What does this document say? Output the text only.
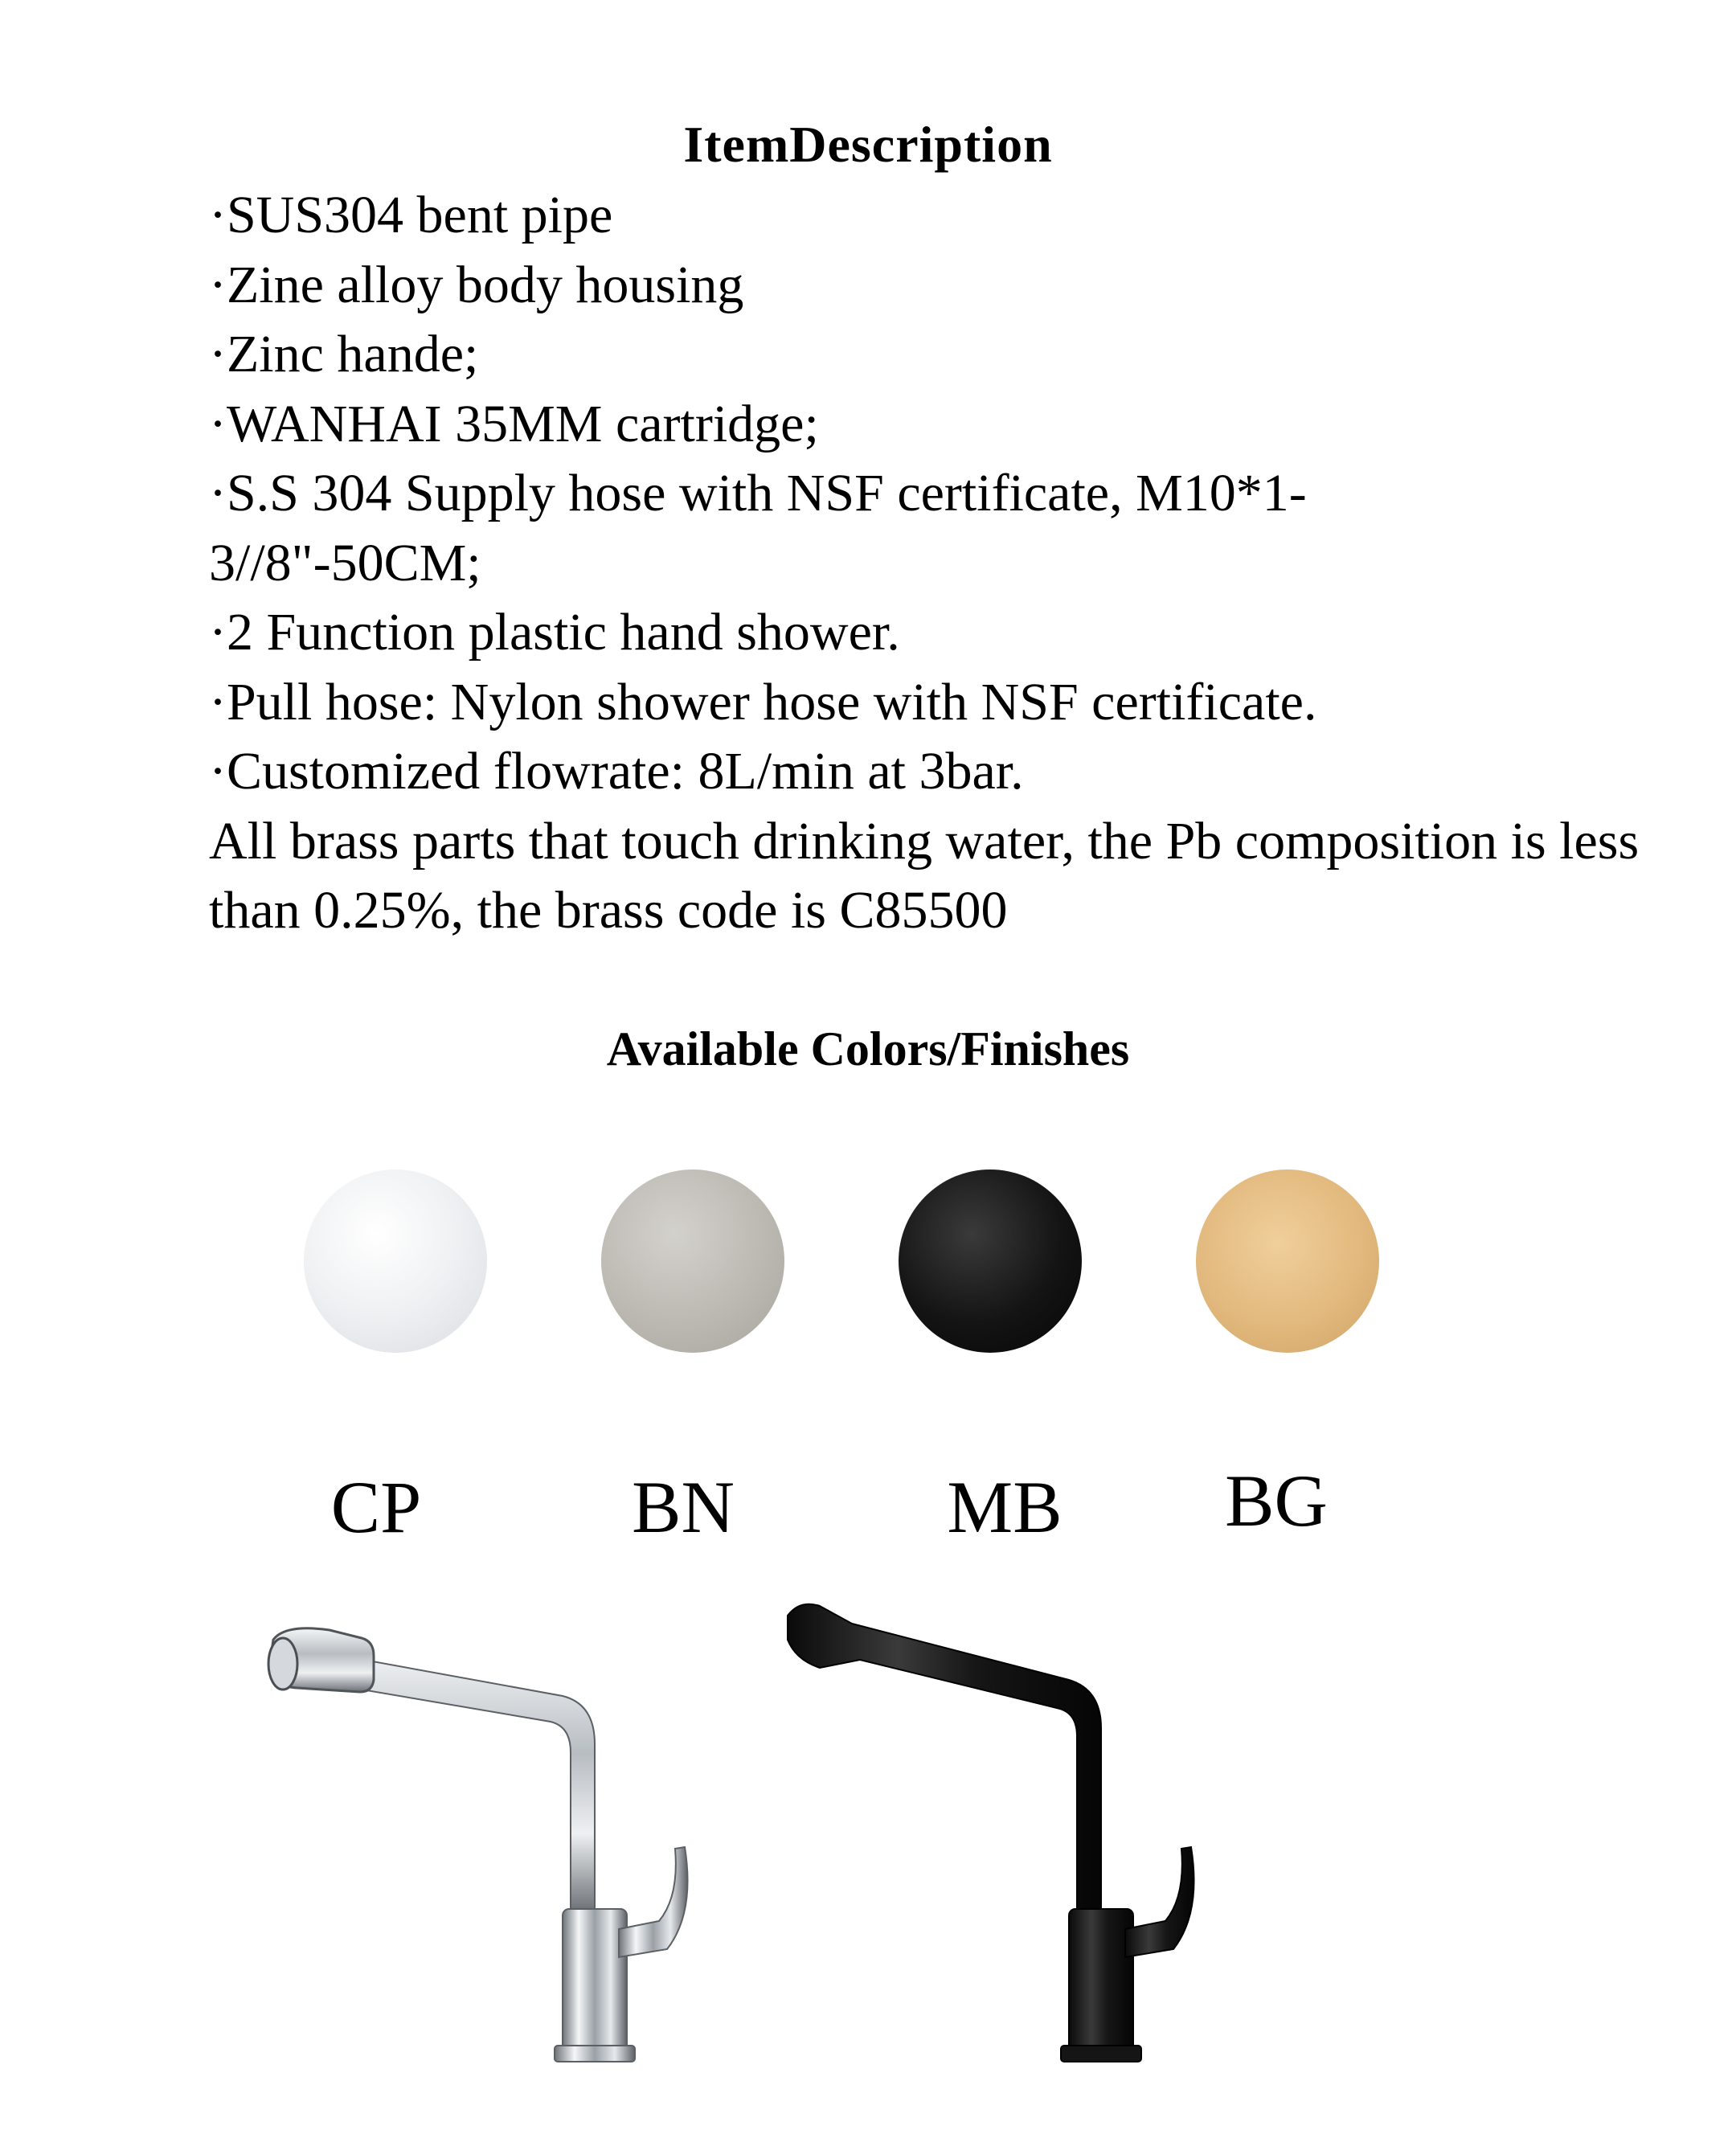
ItemDescription
·SUS304 bent pipe
·Zine alloy body housing
·Zinc hande;
·WANHAI 35MM cartridge;
·S.S 304 Supply hose with NSF certificate, M10*1-3//8"-50CM;
·2 Function plastic hand shower.
·Pull hose: Nylon shower hose with NSF certificate.
·Customized flowrate: 8L/min at 3bar.
All brass parts that touch drinking water, the Pb composition is less than 0.25%, the brass code is C85500
Available Colors/Finishes
CP	BN	MB	BG
